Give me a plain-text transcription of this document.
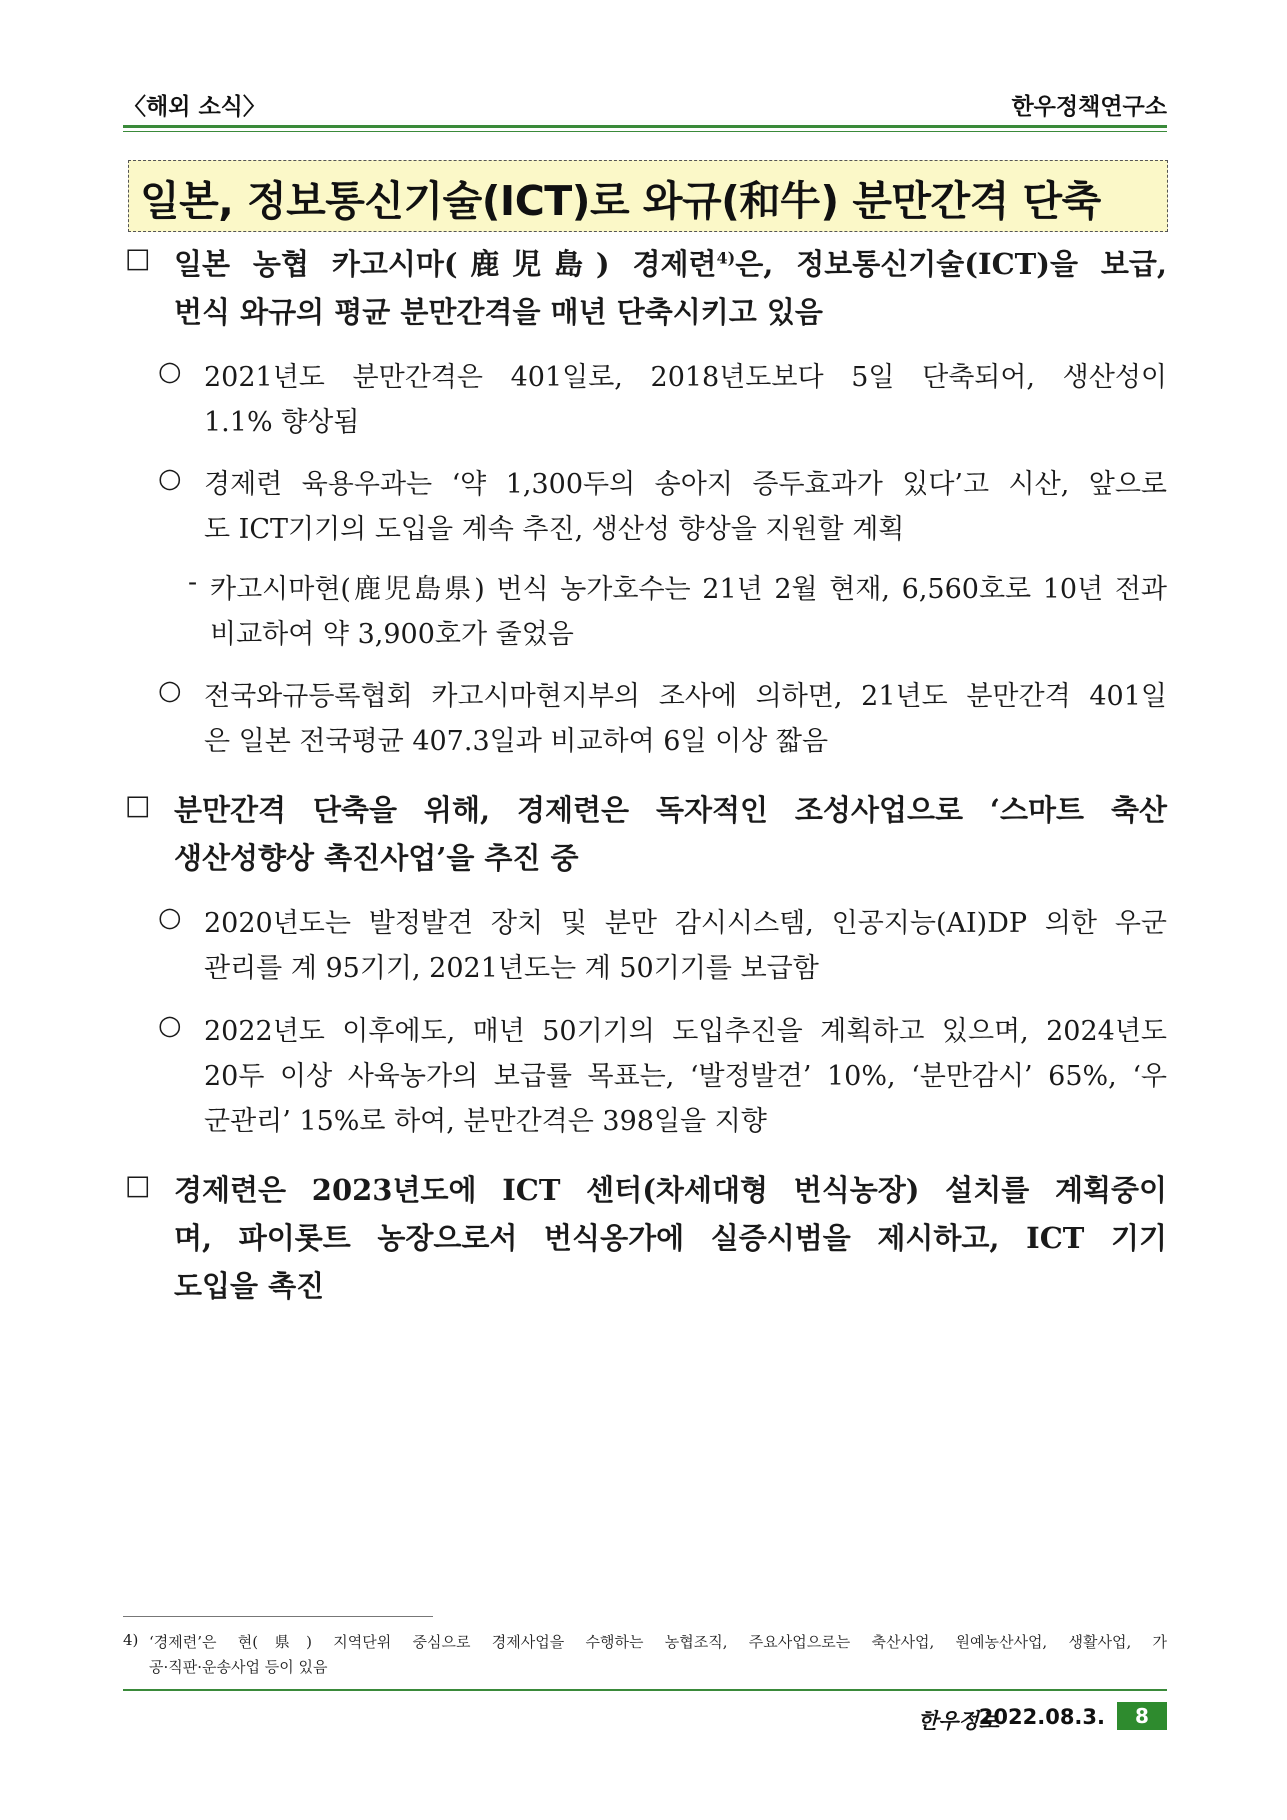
〈해외 소식〉	한우정책연구소
일본, 정보통신기술(ICT)로 와규(和牛) 분만간격 단축
□ 일본 농협 카고시마(鹿児島) 경제련$^{4)}$은, 정보통신기술(ICT)을 보급,
번식 와규의 평균 분만간격을 매년 단축시키고 있음
○ 2021년도 분만간격은 401일로, 2018년도보다 5일 단축되어, 생산성이
1.1% 향상됨
○ 경제련 육용우과는 ‘약 1,300두의 송아지 증두효과가 있다’고 시산, 앞으로
도 ICT기기의 도입을 계속 추진, 생산성 향상을 지원할 계획
- 카고시마현(鹿児島県) 번식 농가호수는 21년 2월 현재, 6,560호로 10년 전과
비교하여 약 3,900호가 줄었음
○ 전국와규등록협회 카고시마현지부의 조사에 의하면, 21년도 분만간격 401일
은 일본 전국평균 407.3일과 비교하여 6일 이상 짧음
□ 분만간격 단축을 위해, 경제련은 독자적인 조성사업으로 ‘스마트 축산
생산성향상 촉진사업’을 추진 중
○ 2020년도는 발정발견 장치 및 분만 감시시스템, 인공지능(AI)DP 의한 우군
관리를 계 95기기, 2021년도는 계 50기기를 보급함
○ 2022년도 이후에도, 매년 50기기의 도입추진을 계획하고 있으며, 2024년도
20두 이상 사육농가의 보급률 목표는, ‘발정발견’ 10%, ‘분만감시’ 65%, ‘우
군관리’ 15%로 하여, 분만간격은 398일을 지향
□ 경제련은 2023년도에 ICT 센터(차세대형 번식농장) 설치를 계획중이
며, 파이롯트 농장으로서 번식옹가에 실증시범을 제시하고, ICT 기기
도입을 촉진
4) ‘경제련’은 현(県) 지역단위 중심으로 경제사업을 수행하는 농협조직, 주요사업으로는 축산사업, 원예농산사업, 생활사업, 가
공·직판·운송사업 등이 있음
한우정보
2022.08.3.	8
